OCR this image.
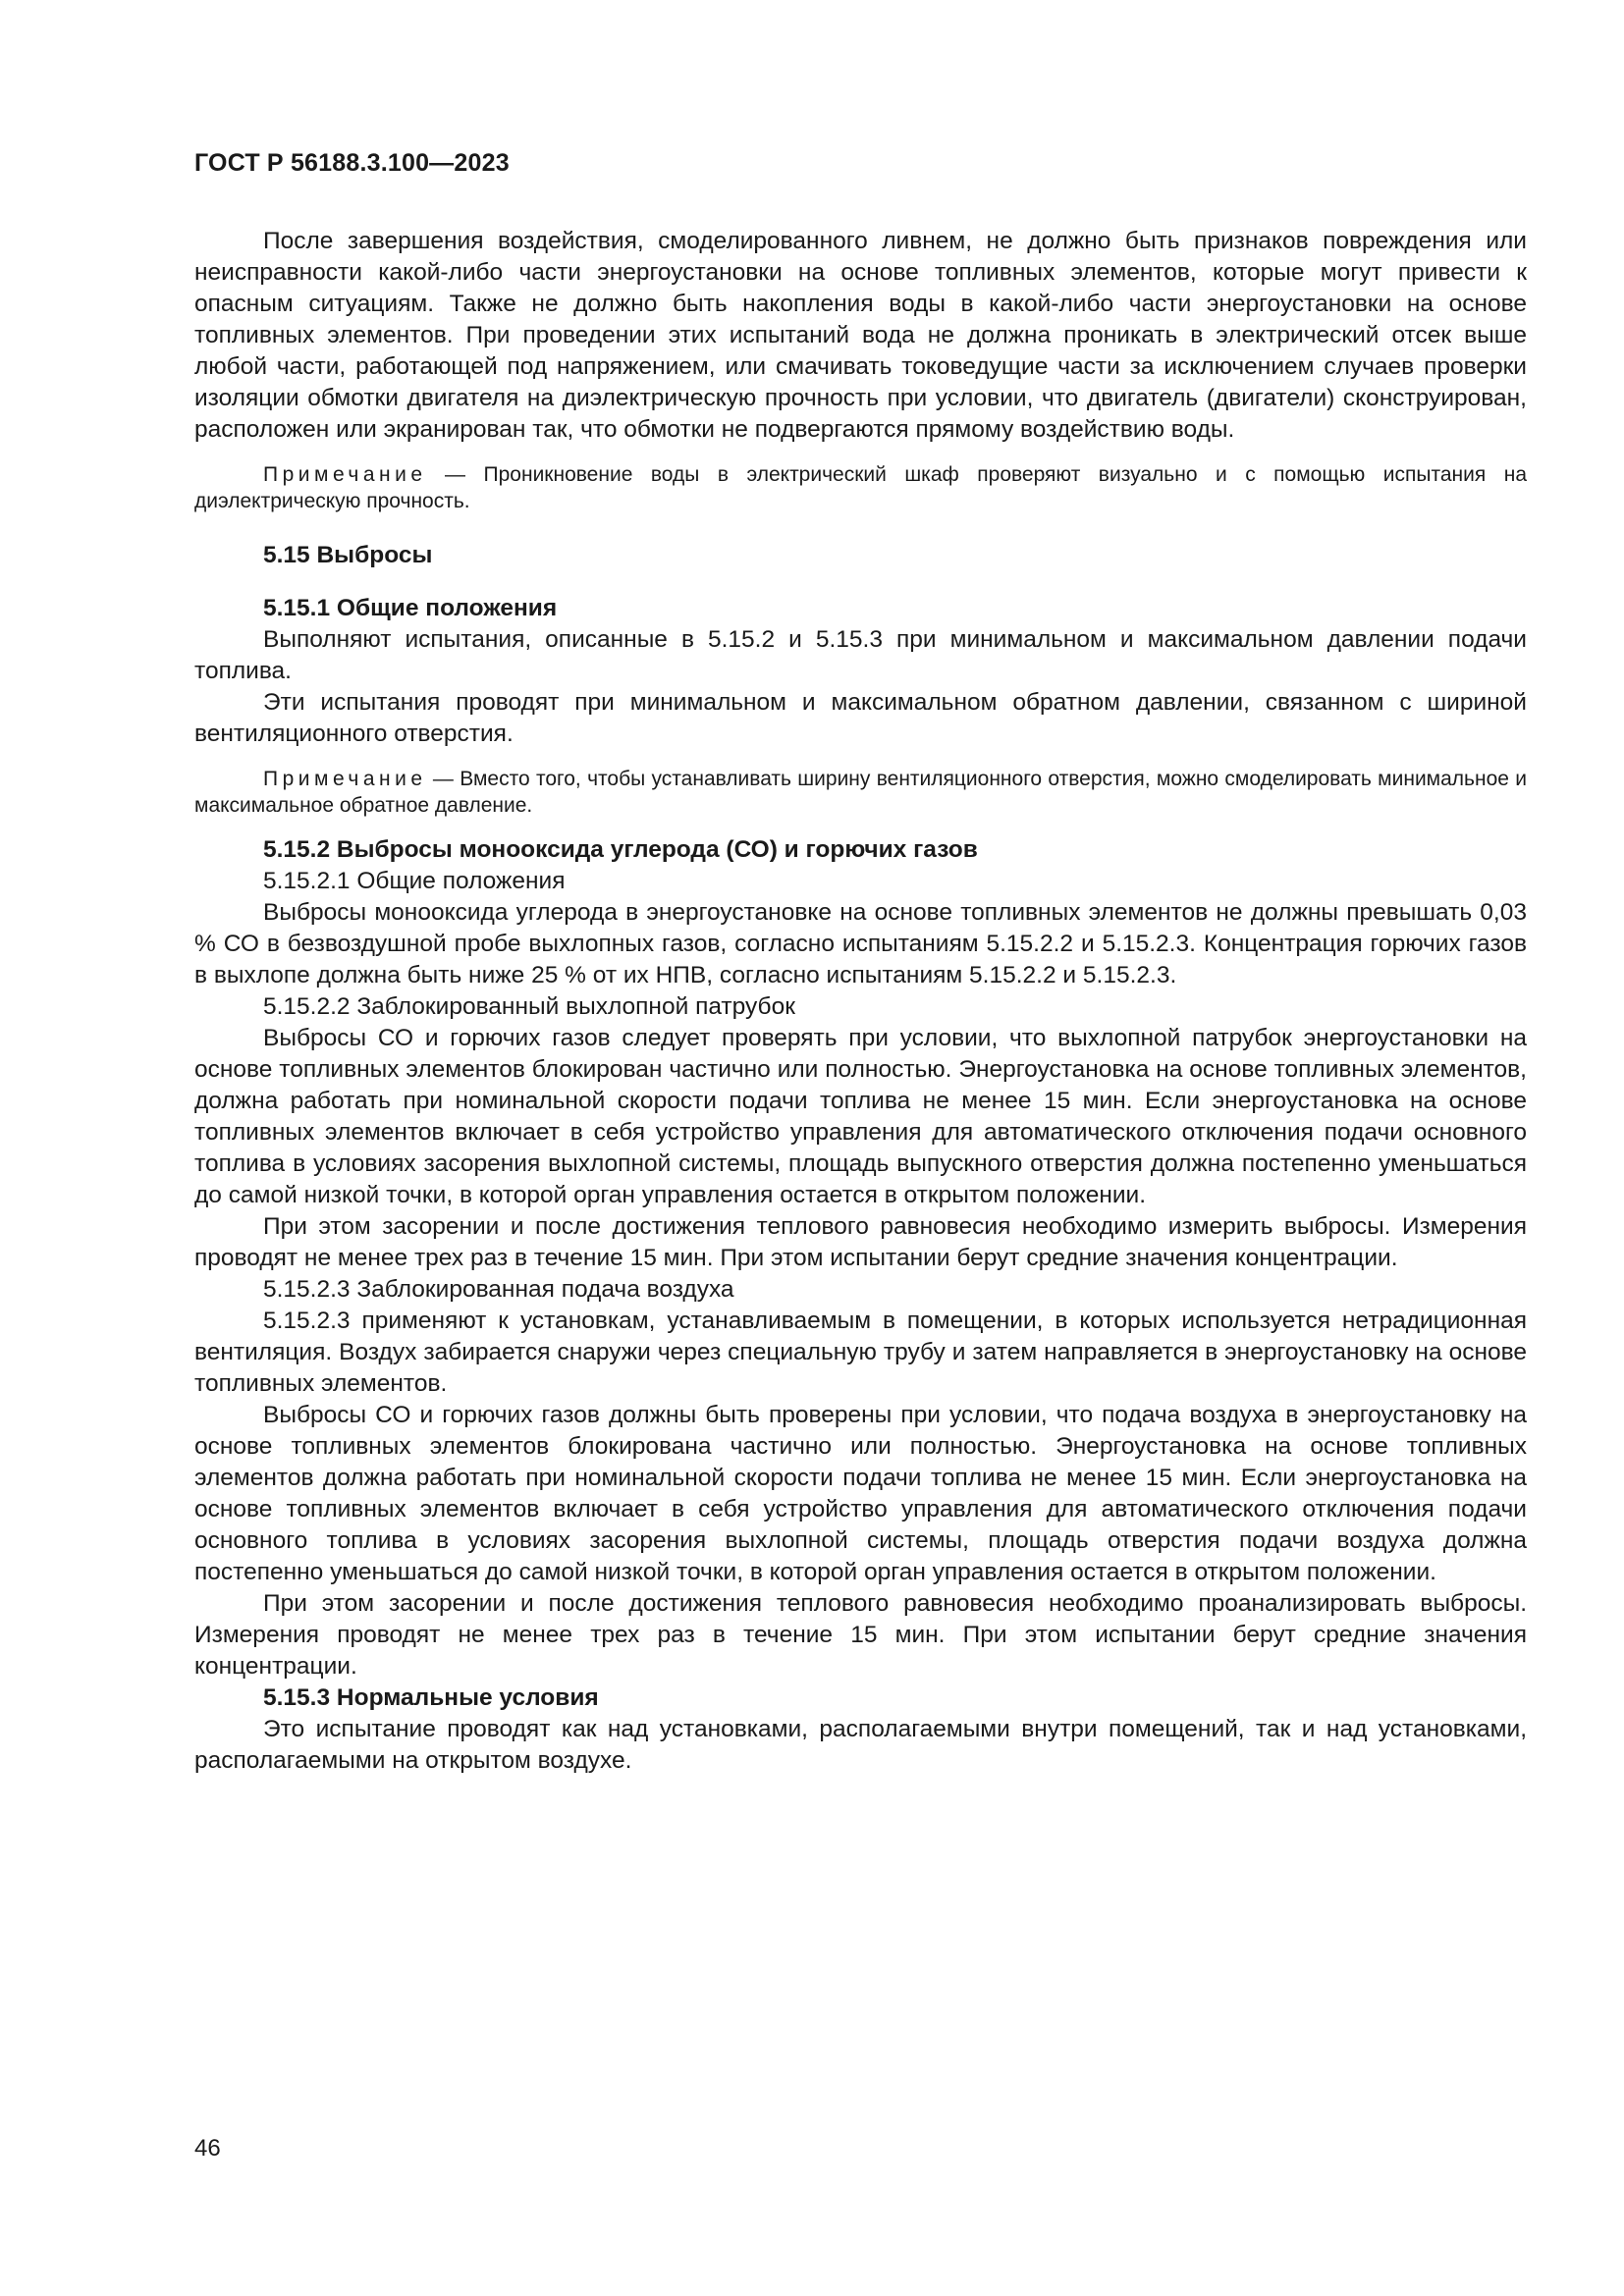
ГОСТ Р 56188.3.100—2023

После завершения воздействия, смоделированного ливнем, не должно быть признаков повреждения или неисправности какой-либо части энергоустановки на основе топливных элементов, которые могут привести к опасным ситуациям. Также не должно быть накопления воды в какой-либо части энергоустановки на основе топливных элементов. При проведении этих испытаний вода не должна проникать в электрический отсек выше любой части, работающей под напряжением, или смачивать токоведущие части за исключением случаев проверки изоляции обмотки двигателя на диэлектрическую прочность при условии, что двигатель (двигатели) сконструирован, расположен или экранирован так, что обмотки не подвергаются прямому воздействию воды.

Примечание — Проникновение воды в электрический шкаф проверяют визуально и с помощью испытания на диэлектрическую прочность.

5.15 Выбросы
5.15.1 Общие положения

Выполняют испытания, описанные в 5.15.2 и 5.15.3 при минимальном и максимальном давлении подачи топлива.

Эти испытания проводят при минимальном и максимальном обратном давлении, связанном с шириной вентиляционного отверстия.

Примечание — Вместо того, чтобы устанавливать ширину вентиляционного отверстия, можно смоделировать минимальное и максимальное обратное давление.

5.15.2 Выбросы монооксида углерода (СО) и горючих газов

5.15.2.1 Общие положения

Выбросы монооксида углерода в энергоустановке на основе топливных элементов не должны превышать 0,03 % СО в безвоздушной пробе выхлопных газов, согласно испытаниям 5.15.2.2 и 5.15.2.3. Концентрация горючих газов в выхлопе должна быть ниже 25 % от их НПВ, согласно испытаниям 5.15.2.2 и 5.15.2.3.

5.15.2.2 Заблокированный выхлопной патрубок

Выбросы СО и горючих газов следует проверять при условии, что выхлопной патрубок энергоустановки на основе топливных элементов блокирован частично или полностью. Энергоустановка на основе топливных элементов, должна работать при номинальной скорости подачи топлива не менее 15 мин. Если энергоустановка на основе топливных элементов включает в себя устройство управления для автоматического отключения подачи основного топлива в условиях засорения выхлопной системы, площадь выпускного отверстия должна постепенно уменьшаться до самой низкой точки, в которой орган управления остается в открытом положении.

При этом засорении и после достижения теплового равновесия необходимо измерить выбросы. Измерения проводят не менее трех раз в течение 15 мин. При этом испытании берут средние значения концентрации.

5.15.2.3 Заблокированная подача воздуха

5.15.2.3 применяют к установкам, устанавливаемым в помещении, в которых используется нетрадиционная вентиляция. Воздух забирается снаружи через специальную трубу и затем направляется в энергоустановку на основе топливных элементов.

Выбросы СО и горючих газов должны быть проверены при условии, что подача воздуха в энергоустановку на основе топливных элементов блокирована частично или полностью. Энергоустановка на основе топливных элементов должна работать при номинальной скорости подачи топлива не менее 15 мин. Если энергоустановка на основе топливных элементов включает в себя устройство управления для автоматического отключения подачи основного топлива в условиях засорения выхлопной системы, площадь отверстия подачи воздуха должна постепенно уменьшаться до самой низкой точки, в которой орган управления остается в открытом положении.

При этом засорении и после достижения теплового равновесия необходимо проанализировать выбросы. Измерения проводят не менее трех раз в течение 15 мин. При этом испытании берут средние значения концентрации.

5.15.3 Нормальные условия

Это испытание проводят как над установками, располагаемыми внутри помещений, так и над установками, располагаемыми на открытом воздухе.

46
